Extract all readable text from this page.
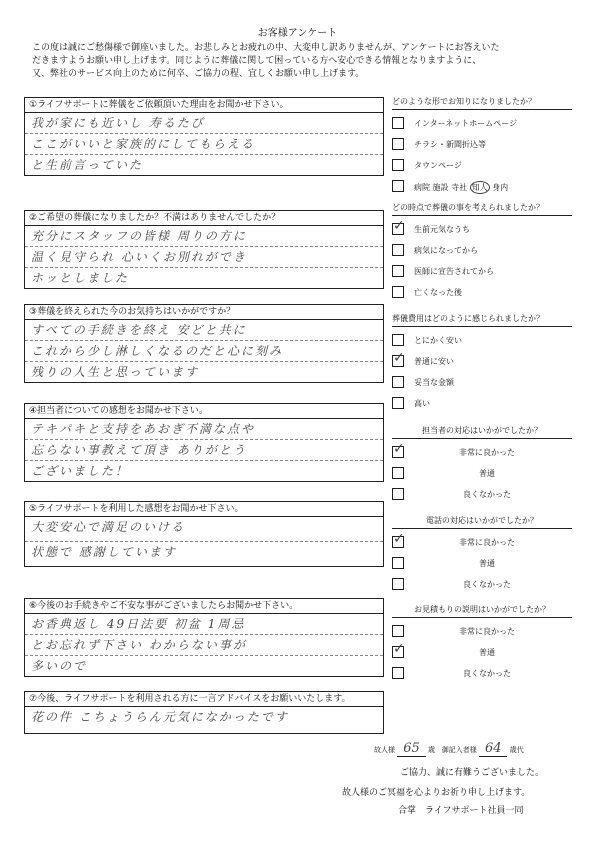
お客様アンケート
この度は誠にご愁傷様で御座いました。お悲しみとお疲れの中、大変申し訳ありませんが、アンケートにお答えいた
だきますようお願い申し上げます。同じように葬儀に関して困っている方へ安心できる情報となりますように、
又、弊社のサービス向上のために何卒、ご協力の程、宜しくお願い申し上げます。
①ライフサポートに葬儀をご依頼頂いた理由をお聞かせ下さい。
我が家にも近いし 寿るたび
ここがいいと家族的にしてもらえる
と生前言っていた
②ご希望の葬儀になりましたか？不満はありませんでしたか？
充分にスタッフの皆様 周りの方に
温く見守られ 心いくお別れができ
ホッとしました
③葬儀を終えられた今のお気持ちはいかがですか？
すべての手続きを終え 安どと共に
これから少し淋しくなるのだと心に刻み
残りの人生と思っています
④担当者についての感想をお聞かせ下さい。
テキパキと支持をあおぎ不満な点や
忘らない事教えて頂き ありがとう
ございました！
⑤ライフサポートを利用した感想をお聞かせ下さい。
大変安心で満足のいける
状態で 感謝しています
⑥今後のお手続きやご不安な事がございましたらお聞かせ下さい。
お香典返し 49日法要 初盆 1周忌
とお忘れず下さい わからない事が
多いので
⑦今後、ライフサポートを利用される方に一言アドバイスをお願いいたします。
花の件 こちょうらん元気になかったです
どのような形でお知りになりましたか？
インターネットホームページ
チラシ・新聞折込等
タウンページ
病院 施設 寺社 知人 身内
どの時点で葬儀の事を考えられましたか？
✓ 生前元気なうち
病気になってから
医師に宣告されてから
亡くなった後
葬儀費用はどのように感じられましたか？
とにかく安い
✓ 普通に安い
妥当な金額
高い
担当者の対応はいかがでしたか？
✓	非常に良かった
普通
良くなかった
電話の対応はいかがでしたか？
✓	非常に良かった
普通
良くなかった
お見積もりの説明はいかがでしたか？
非常に良かった
✓	普通
良くなかった
故人様 65 歳 御記入者様 64 歳代
ご協力、誠に有難うございました。
故人様のご冥福を心よりお祈り申し上げます。
合掌　ライフサポート社員一同
